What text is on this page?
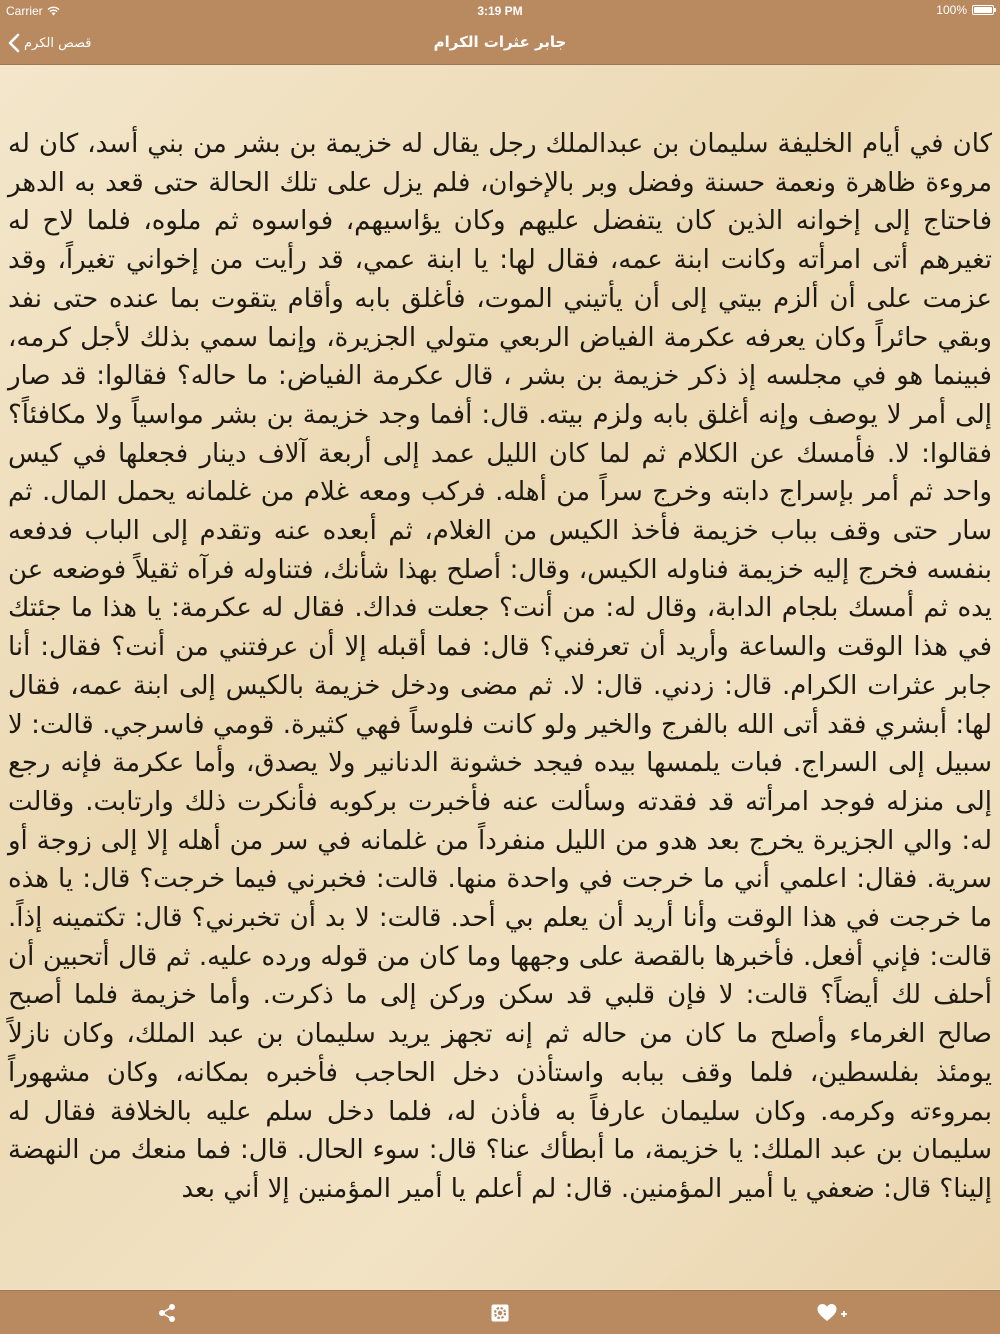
Carrier	3:19 PM	100%
قصص الكرم	جابر عثرات الكرام

كان في أيام الخليفة سليمان بن عبدالملك رجل يقال له خزيمة بن بشر من بني أسد، كان له مروءة ظاهرة ونعمة حسنة وفضل وبر بالإخوان، فلم يزل على تلك الحالة حتى قعد به الدهر فاحتاج إلى إخوانه الذين كان يتفضل عليهم وكان يؤاسيهم، فواسوه ثم ملوه، فلما لاح له تغيرهم أتى امرأته وكانت ابنة عمه، فقال لها: يا ابنة عمي، قد رأيت من إخواني تغيراً، وقد عزمت على أن ألزم بيتي إلى أن يأتيني الموت، فأغلق بابه وأقام يتقوت بما عنده حتى نفد وبقي حائراً وكان يعرفه عكرمة الفياض الربعي متولي الجزيرة، وإنما سمي بذلك لأجل كرمه، فبينما هو في مجلسه إذ ذكر خزيمة بن بشر ، قال عكرمة الفياض: ما حاله؟ فقالوا: قد صار إلى أمر لا يوصف وإنه أغلق بابه ولزم بيته. قال: أفما وجد خزيمة بن بشر مواسياً ولا مكافئاً؟ فقالوا: لا. فأمسك عن الكلام ثم لما كان الليل عمد إلى أربعة آلاف دينار فجعلها في كيس واحد ثم أمر بإسراج دابته وخرج سراً من أهله. فركب ومعه غلام من غلمانه يحمل المال. ثم سار حتى وقف بباب خزيمة فأخذ الكيس من الغلام، ثم أبعده عنه وتقدم إلى الباب فدفعه بنفسه فخرج إليه خزيمة فناوله الكيس، وقال: أصلح بهذا شأنك، فتناوله فرآه ثقيلاً فوضعه عن يده ثم أمسك بلجام الدابة، وقال له: من أنت؟ جعلت فداك. فقال له عكرمة: يا هذا ما جئتك في هذا الوقت والساعة وأريد أن تعرفني؟ قال: فما أقبله إلا أن عرفتني من أنت؟ فقال: أنا جابر عثرات الكرام. قال: زدني. قال: لا. ثم مضى ودخل خزيمة بالكيس إلى ابنة عمه، فقال لها: أبشري فقد أتى الله بالفرج والخير ولو كانت فلوساً فهي كثيرة. قومي فاسرجي. قالت: لا سبيل إلى السراج. فبات يلمسها بيده فيجد خشونة الدنانير ولا يصدق، وأما عكرمة فإنه رجع إلى منزله فوجد امرأته قد فقدته وسألت عنه فأخبرت بركوبه فأنكرت ذلك وارتابت. وقالت له: والي الجزيرة يخرج بعد هدو من الليل منفرداً من غلمانه في سر من أهله إلا إلى زوجة أو سرية. فقال: اعلمي أني ما خرجت في واحدة منها. قالت: فخبرني فيما خرجت؟ قال: يا هذه ما خرجت في هذا الوقت وأنا أريد أن يعلم بي أحد. قالت: لا بد أن تخبرني؟ قال: تكتمينه إذاً. قالت: فإني أفعل. فأخبرها بالقصة على وجهها وما كان من قوله ورده عليه. ثم قال أتحبين أن أحلف لك أيضاً؟ قالت: لا فإن قلبي قد سكن وركن إلى ما ذكرت. وأما خزيمة فلما أصبح صالح الغرماء وأصلح ما كان من حاله ثم إنه تجهز يريد سليمان بن عبد الملك، وكان نازلاً يومئذ بفلسطين، فلما وقف ببابه واستأذن دخل الحاجب فأخبره بمكانه، وكان مشهوراً بمروءته وكرمه. وكان سليمان عارفاً به فأذن له، فلما دخل سلم عليه بالخلافة فقال له سليمان بن عبد الملك: يا خزيمة، ما أبطأك عنا؟ قال: سوء الحال. قال: فما منعك من النهضة إلينا؟ قال: ضعفي يا أمير المؤمنين. قال: لم أعلم يا أمير المؤمنين إلا أني بعد
